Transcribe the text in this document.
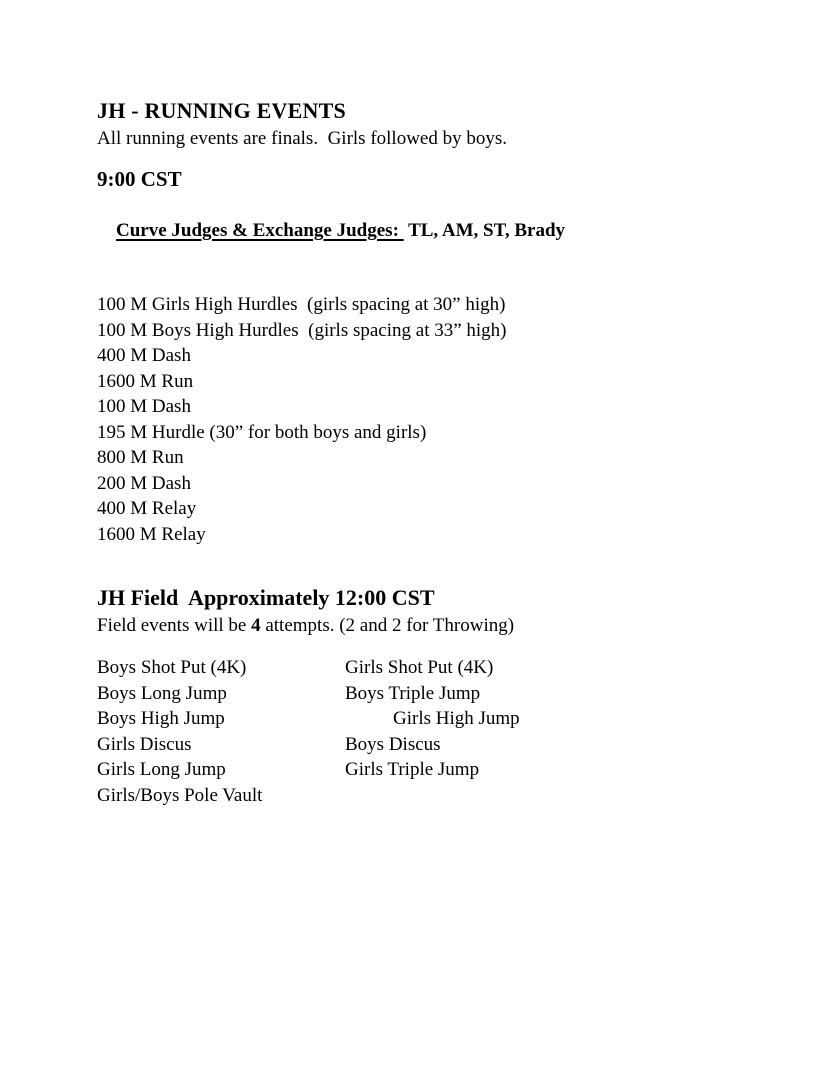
JH - RUNNING EVENTS
All running events are finals.  Girls followed by boys.
9:00 CST

Curve Judges & Exchange Judges:  TL, AM, ST, Brady

100 M Girls High Hurdles  (girls spacing at 30” high)
100 M Boys High Hurdles  (girls spacing at 33” high)
400 M Dash
1600 M Run
100 M Dash
195 M Hurdle (30” for both boys and girls)
800 M Run
200 M Dash
400 M Relay
1600 M Relay
JH Field  Approximately 12:00 CST
Field events will be 4 attempts. (2 and 2 for Throwing)
Boys Shot Put (4K)	Girls Shot Put (4K)
Boys Long Jump	Boys Triple Jump
Boys High Jump	Girls High Jump
Girls Discus	Boys Discus
Girls Long Jump	Girls Triple Jump
Girls/Boys Pole Vault
